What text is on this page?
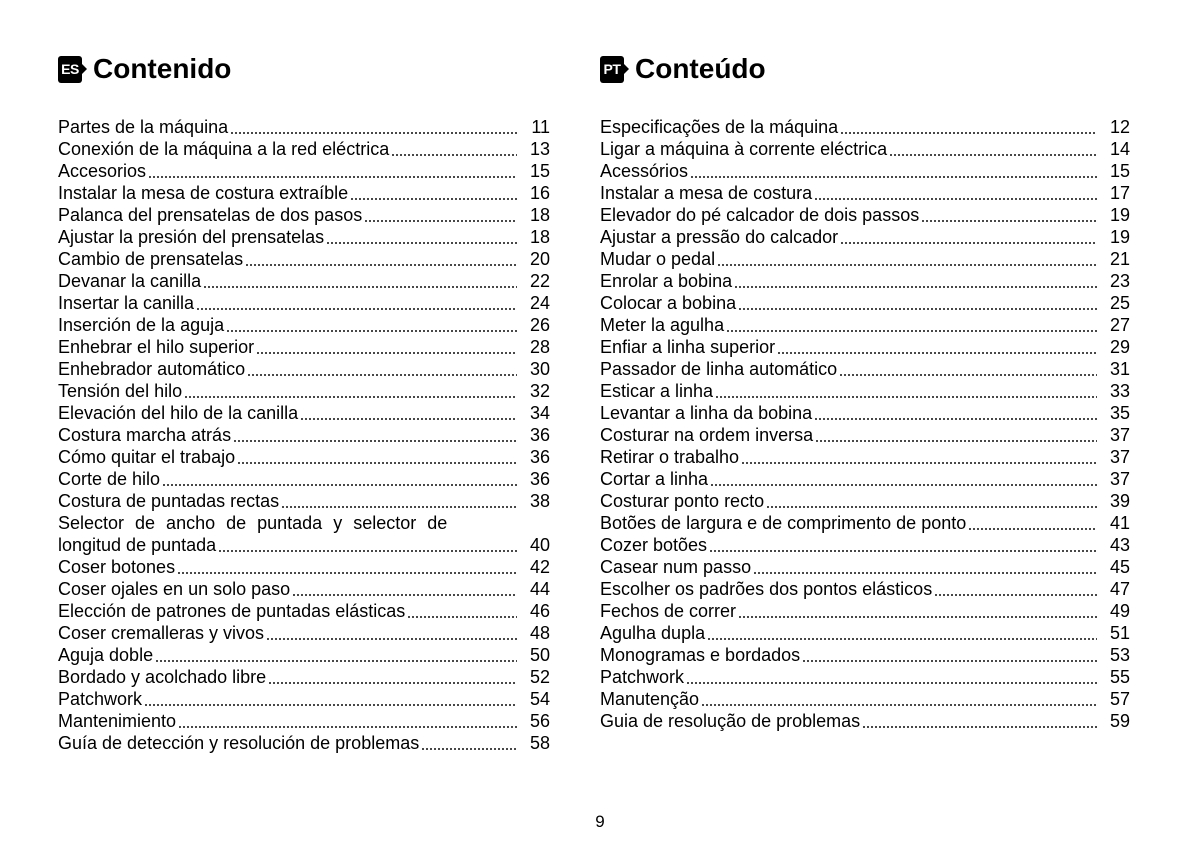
ES Contenido	PT Conteúdo
Partes de la máquina	11
Conexión de la máquina a la red eléctrica	13
Accesorios	15
Instalar la mesa de costura extraíble	16
Palanca del prensatelas de dos pasos	18
Ajustar la presión del prensatelas	18
Cambio de prensatelas	20
Devanar la canilla	22
Insertar la canilla	24
Inserción de la aguja	26
Enhebrar el hilo superior	28
Enhebrador automático	30
Tensión del hilo	32
Elevación del hilo de la canilla	34
Costura marcha atrás	36
Cómo quitar el trabajo	36
Corte de hilo	36
Costura de puntadas rectas	38
Selector de ancho de puntada y selector de
longitud de puntada	40
Coser botones	42
Coser ojales en un solo paso	44
Elección de patrones de puntadas elásticas	46
Coser cremalleras y vivos	48
Aguja doble	50
Bordado y acolchado libre	52
Patchwork	54
Mantenimiento	56
Guía de detección y resolución de problemas	58
Especificações de la máquina	12
Ligar a máquina à corrente eléctrica	14
Acessórios	15
Instalar a mesa de costura	17
Elevador do pé calcador de dois passos	19
Ajustar a pressão do calcador	19
Mudar o pedal	21
Enrolar a bobina	23
Colocar a bobina	25
Meter la agulha	27
Enfiar a linha superior	29
Passador de linha automático	31
Esticar a linha	33
Levantar a linha da bobina	35
Costurar na ordem inversa	37
Retirar o trabalho	37
Cortar a linha	37
Costurar ponto recto	39
Botões de largura e de comprimento de ponto	41
Cozer botões	43
Casear num passo	45
Escolher os padrões dos pontos elásticos	47
Fechos de correr	49
Agulha dupla	51
Monogramas e bordados	53
Patchwork	55
Manutenção	57
Guia de resolução de problemas	59
9
